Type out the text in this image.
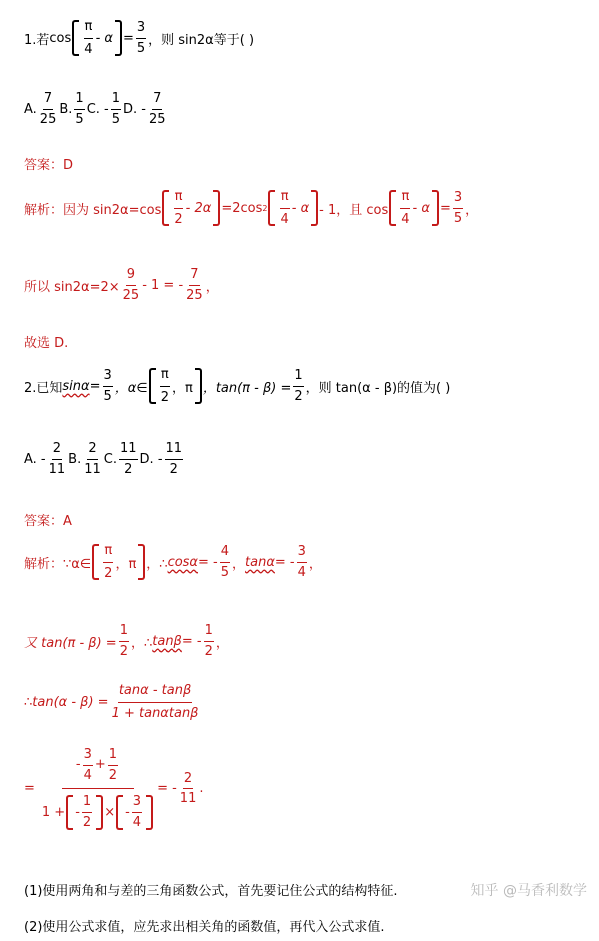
1.若 cos
π
4
- $\alpha = \frac{3}{5}$ ，则 sin2α等于( )
A.
7
25
B.
1
5
C. -
1
5
D. -
7
25
答案：D
解析：因为 sin2α=cos
π
2
- 2α =2cos 2
π
4
- α - 1，且 cos
π
4
- $\alpha = \frac{3}{5}$ ，
所以 $\sin 2\alpha=2\times \frac{9}{25} - 1$ = -
7
25
，
故选 D.
2.已知 $\sin\alpha = \frac{3}{5}$ ，α∈
π
2
，π ，$\tan(\pi - \beta) = \frac{1}{2}$ ，则 tan(α - β)的值为( )
A. -
2
11
B.
2
11
C.
11
2
D. -
11
2
答案：A
解析：∵α∈
π
2
，π ，∴ cosα = -
4
5
， tanα = -
3
4
，
又 $\tan(\pi - \beta) = \frac{1}{2}$ ，∴ tanβ = -
1
2
，
∴tan(α - $\beta) = \frac{\tan\alpha - \tan\beta}{1 + \tan\alpha\tan\beta}$
=
-
3
4
+ $\frac{1}{2}$
1 + -
1
2
× -
3
4
= -
2
11
.
(1)使用两角和与差的三角函数公式，首先要记住公式的结构特征.
(2)使用公式求值，应先求出相关角的函数值，再代入公式求值.
知乎 @马香利数学
